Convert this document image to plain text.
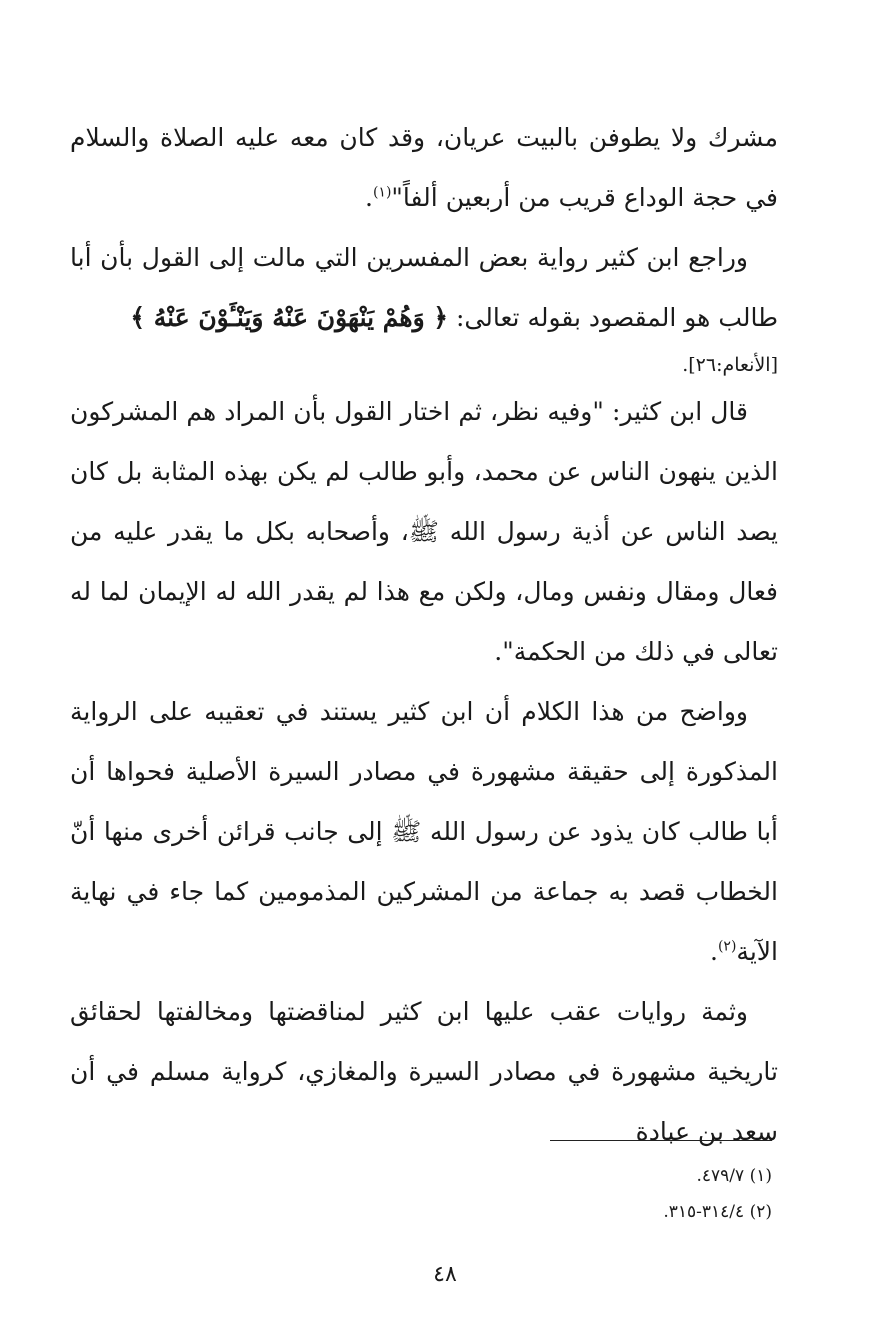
مشرك ولا يطوفن بالبيت عريان، وقد كان معه عليه الصلاة والسلام في حجة الوداع قريب من أربعين ألفاً"$^{(١)}$.

وراجع ابن كثير رواية بعض المفسرين التي مالت إلى القول بأن أبا طالب هو المقصود بقوله تعالى: ﴿ وَهُمْ يَنْهَوْنَ عَنْهُ وَيَنْـَٔوْنَ عَنْهُ ﴾

[الأنعام:٢٦].

قال ابن كثير: "وفيه نظر، ثم اختار القول بأن المراد هم المشركون الذين ينهون الناس عن محمد، وأبو طالب لم يكن بهذه المثابة بل كان يصد الناس عن أذية رسول الله ﷺ، وأصحابه بكل ما يقدر عليه من فعال ومقال ونفس ومال، ولكن مع هذا لم يقدر الله له الإيمان لما له تعالى في ذلك من الحكمة".

وواضح من هذا الكلام أن ابن كثير يستند في تعقيبه على الرواية المذكورة إلى حقيقة مشهورة في مصادر السيرة الأصلية فحواها أن أبا طالب كان يذود عن رسول الله ﷺ إلى جانب قرائن أخرى منها أنّ الخطاب قصد به جماعة من المشركين المذمومين كما جاء في نهاية الآية$^{(٢)}$.

وثمة روايات عقب عليها ابن كثير لمناقضتها ومخالفتها لحقائق تاريخية مشهورة في مصادر السيرة والمغازي، كرواية مسلم في أن سعد بن عبادة

(١) ٤٧٩/٧.

(٢) ٣١٤/٤-٣١٥.

٤٨
